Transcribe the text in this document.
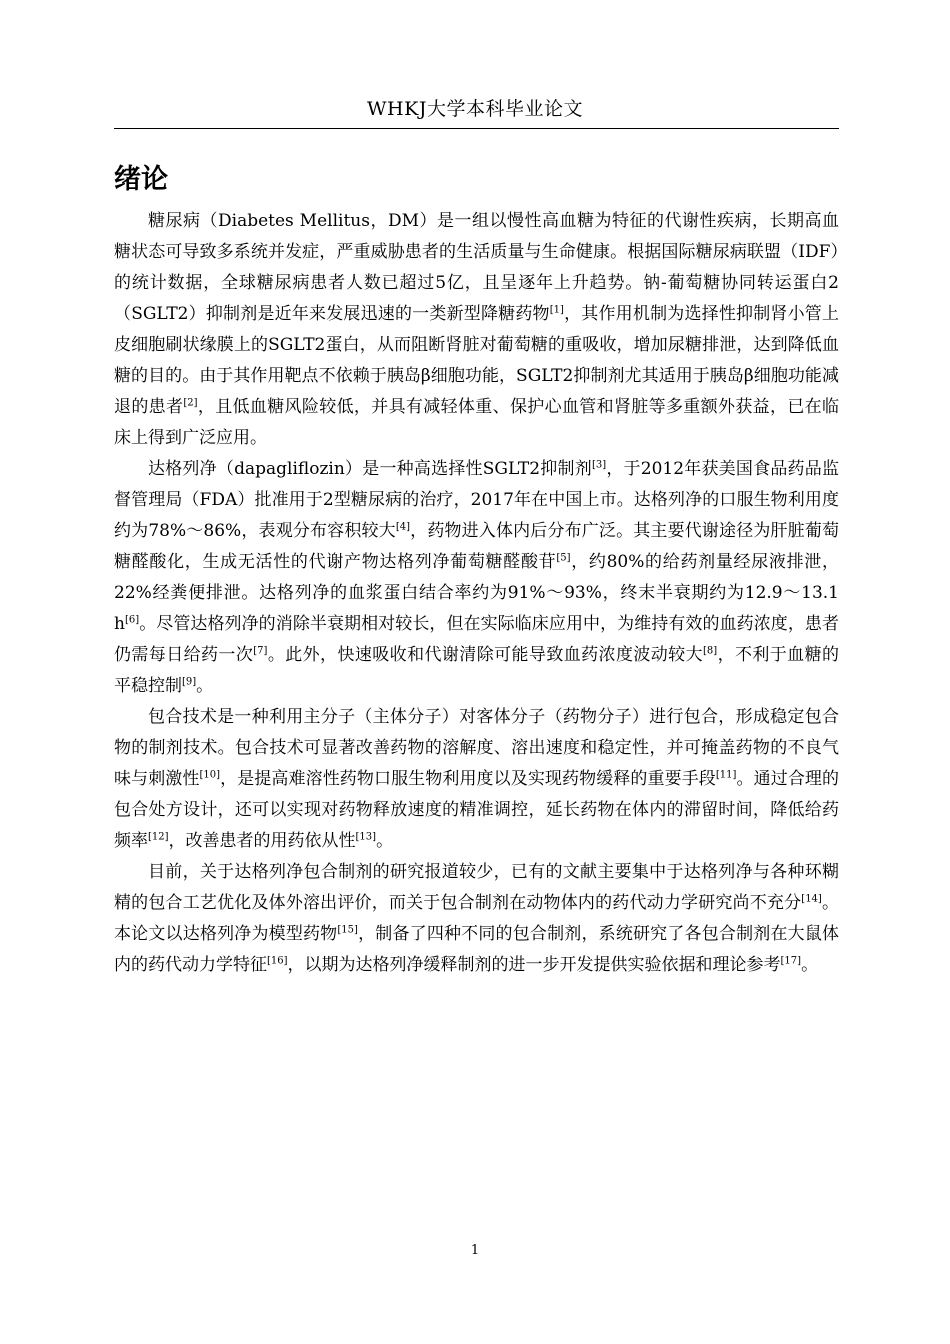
WHKJ大学本科毕业论文
绪论

糖尿病（Diabetes Mellitus，DM）是一组以慢性高血糖为特征的代谢性疾病，长期高血糖状态可导致多系统并发症，严重威胁患者的生活质量与生命健康。根据国际糖尿病联盟（IDF）的统计数据，全球糖尿病患者人数已超过5亿，且呈逐年上升趋势。钠-葡萄糖协同转运蛋白2（SGLT2）抑制剂是近年来发展迅速的一类新型降糖药物[1]，其作用机制为选择性抑制肾小管上皮细胞刷状缘膜上的SGLT2蛋白，从而阻断肾脏对葡萄糖的重吸收，增加尿糖排泄，达到降低血糖的目的。由于其作用靶点不依赖于胰岛β细胞功能，SGLT2抑制剂尤其适用于胰岛β细胞功能减退的患者[2]，且低血糖风险较低，并具有减轻体重、保护心血管和肾脏等多重额外获益，已在临床上得到广泛应用。

达格列净（dapagliflozin）是一种高选择性SGLT2抑制剂[3]，于2012年获美国食品药品监督管理局（FDA）批准用于2型糖尿病的治疗，2017年在中国上市。达格列净的口服生物利用度约为78%～86%，表观分布容积较大[4]，药物进入体内后分布广泛。其主要代谢途径为肝脏葡萄糖醛酸化，生成无活性的代谢产物达格列净葡萄糖醛酸苷[5]，约80%的给药剂量经尿液排泄，22%经粪便排泄。达格列净的血浆蛋白结合率约为91%～93%，终末半衰期约为12.9～13.1 h[6]。尽管达格列净的消除半衰期相对较长，但在实际临床应用中，为维持有效的血药浓度，患者仍需每日给药一次[7]。此外，快速吸收和代谢清除可能导致血药浓度波动较大[8]，不利于血糖的平稳控制[9]。

包合技术是一种利用主分子（主体分子）对客体分子（药物分子）进行包合，形成稳定包合物的制剂技术。包合技术可显著改善药物的溶解度、溶出速度和稳定性，并可掩盖药物的不良气味与刺激性[10]，是提高难溶性药物口服生物利用度以及实现药物缓释的重要手段[11]。通过合理的包合处方设计，还可以实现对药物释放速度的精准调控，延长药物在体内的滞留时间，降低给药频率[12]，改善患者的用药依从性[13]。

目前，关于达格列净包合制剂的研究报道较少，已有的文献主要集中于达格列净与各种环糊精的包合工艺优化及体外溶出评价，而关于包合制剂在动物体内的药代动力学研究尚不充分[14]。本论文以达格列净为模型药物[15]，制备了四种不同的包合制剂，系统研究了各包合制剂在大鼠体内的药代动力学特征[16]，以期为达格列净缓释制剂的进一步开发提供实验依据和理论参考[17]。

1
